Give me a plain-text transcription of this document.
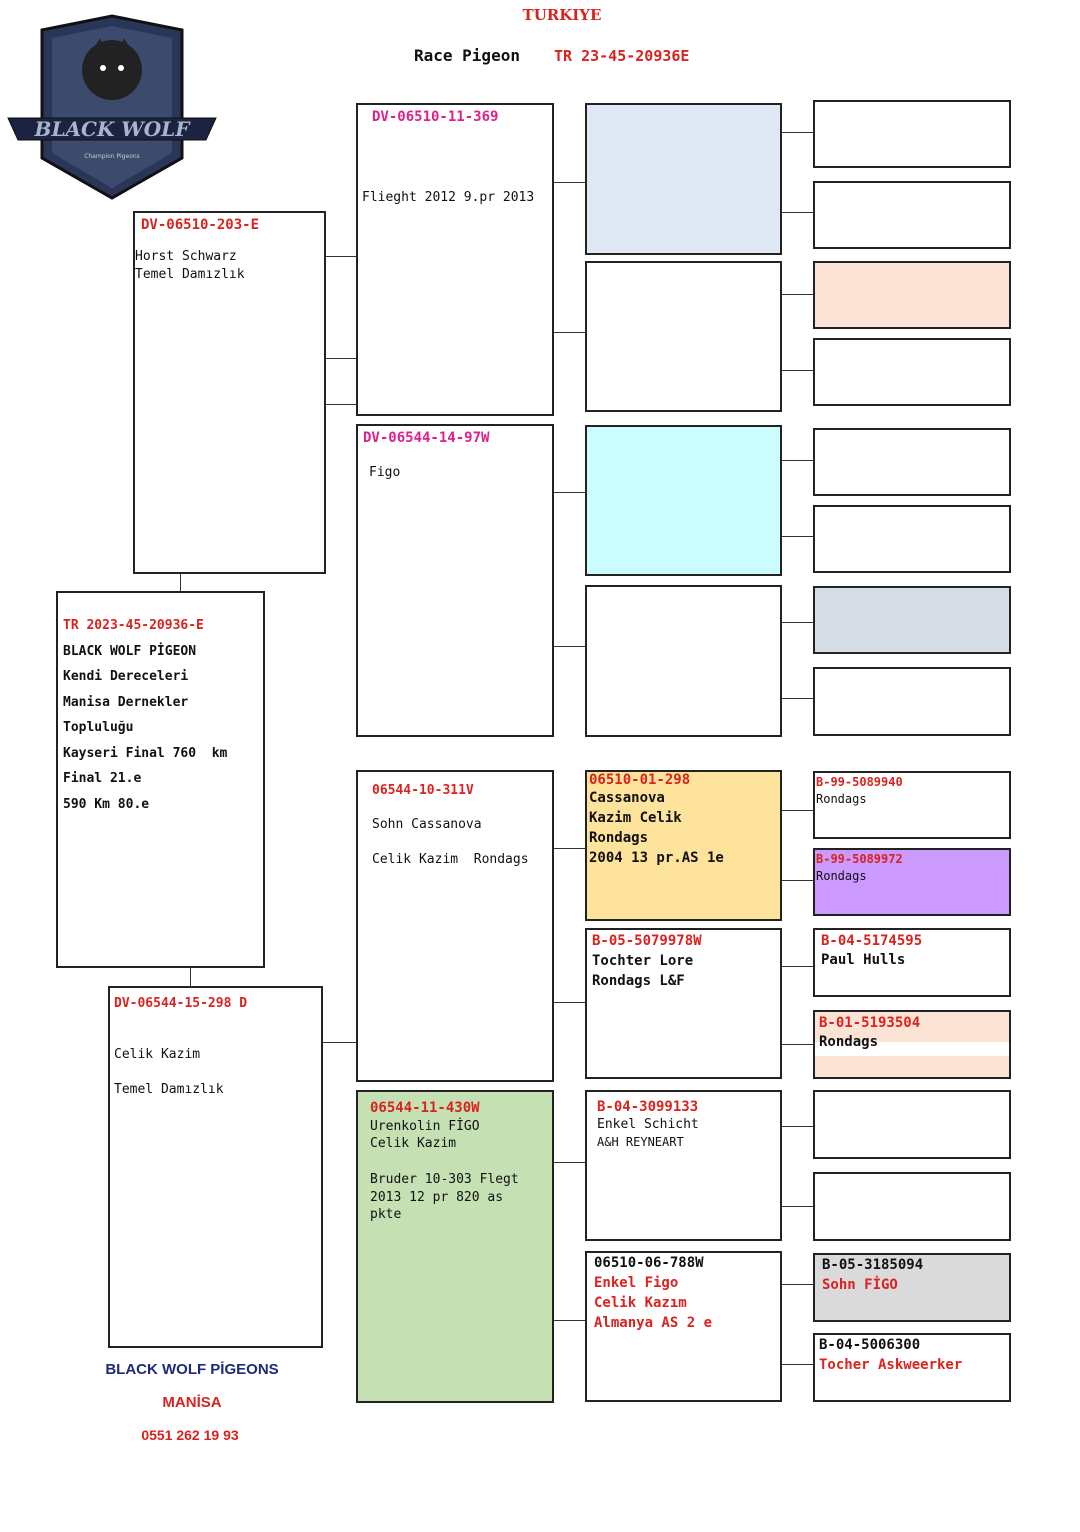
BLACK WOLF
Champion Pigeons
TURKIYE
Race Pigeon TR 23-45-20936E
TR 2023-45-20936-E
BLACK WOLF PİGEON
Kendi Dereceleri
Manisa Dernekler
Topluluğu
Kayseri Final 760  km
Final 21.e
590 Km 80.e
DV-06510-203-E
Horst Schwarz
Temel Damızlık
DV-06544-15-298 D
Celik Kazim
Temel Damızlık
DV-06510-11-369
Flieght 2012 9.pr 2013
DV-06544-14-97W
Figo
06544-10-311V
Sohn Cassanova
Celik Kazim  Rondags
06544-11-430W
Urenkolin FİGO
Celik Kazim
Bruder 10-303 Flegt
2013 12 pr 820 as
pkte
06510-01-298
Cassanova
Kazim Celik
Rondags
2004 13 pr.AS 1e
B-05-5079978W
Tochter Lore
Rondags L&F
B-04-3099133
Enkel Schicht
A&H REYNEART
06510-06-788W
Enkel Figo
Celik Kazım
Almanya AS 2 e
B-99-5089940
Rondags
B-99-5089972
Rondags
B-04-5174595
Paul Hulls
B-01-5193504
Rondags
B-05-3185094
Sohn FİGO
B-04-5006300
Tocher Askweerker
BLACK WOLF PİGEONS
MANİSA
0551 262 19 93
